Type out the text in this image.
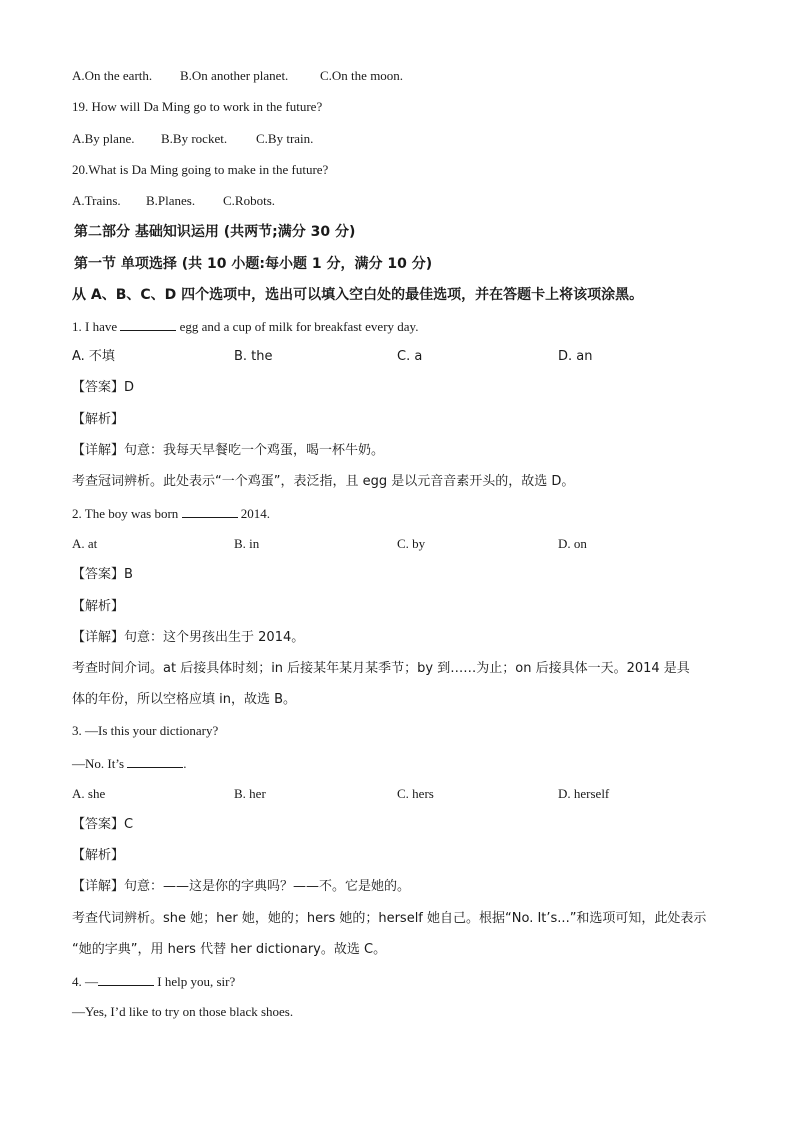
A.On the earth. B.On another planet. C.On the moon.
19. How will Da Ming go to work in the future?
A.By plane. B.By rocket. C.By train.
20.What is Da Ming going to make in the future?
A.Trains. B.Planes. C.Robots.
第二部分 基础知识运用 (共两节;满分 30 分)
第一节 单项选择 (共 10 小题:每小题 1 分，满分 10 分)
从 A、B、C、D 四个选项中，选出可以填入空白处的最佳选项，并在答题卡上将该项涂黑。
1. I have	egg and a cup of milk for breakfast every day.
A. 不填	B. the	C. a	D. an
【答案】D
【解析】
【详解】句意：我每天早餐吃一个鸡蛋，喝一杯牛奶。
考查冠词辨析。此处表示“一个鸡蛋”，表泛指，且 egg 是以元音音素开头的，故选 D。
2. The boy was born	2014.
A. at	B. in	C. by	D. on
【答案】B
【解析】
【详解】句意：这个男孩出生于 2014。
考查时间介词。at 后接具体时刻；in 后接某年某月某季节；by 到……为止；on 后接具体一天。2014 是具
体的年份，所以空格应填 in，故选 B。
3. —Is this your dictionary?
—No. It’s	.
A. she	B. her	C. hers	D. herself
【答案】C
【解析】
【详解】句意：——这是你的字典吗？——不。它是她的。
考查代词辨析。she 她；her 她，她的；hers 她的；herself 她自己。根据“No. It’s...”和选项可知，此处表示
“她的字典”，用 hers 代替 her dictionary。故选 C。
4. —	I help you, sir?
—Yes, I’d like to try on those black shoes.
